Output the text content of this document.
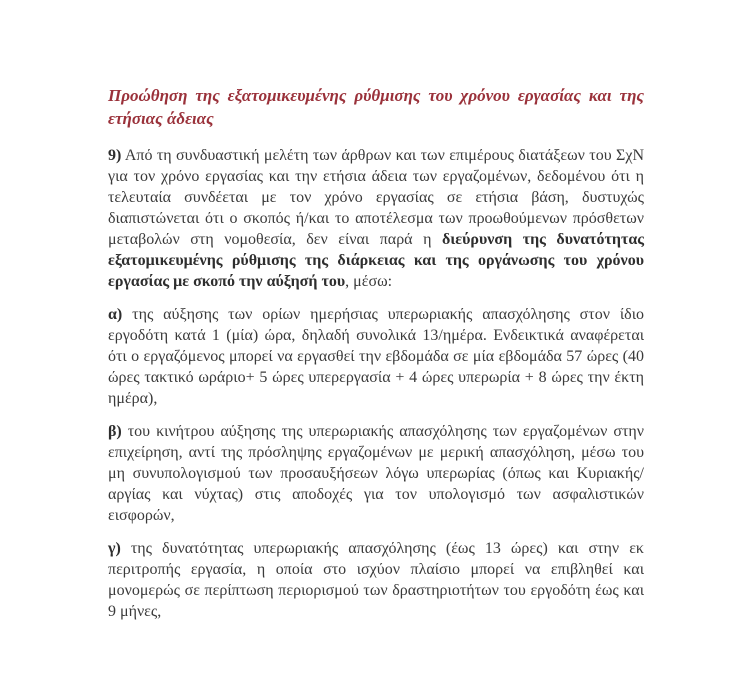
Προώθηση της εξατομικευμένης ρύθμισης του χρόνου εργασίας και της ετήσιας άδειας

9) Από τη συνδυαστική μελέτη των άρθρων και των επιμέρους διατάξεων του ΣχΝ για τον χρόνο εργασίας και την ετήσια άδεια των εργαζομένων, δεδομένου ότι η τελευταία συνδέεται με τον χρόνο εργασίας σε ετήσια βάση, δυστυχώς διαπιστώνεται ότι ο σκοπός ή/και το αποτέλεσμα των προωθούμενων πρόσθετων μεταβολών στη νομοθεσία, δεν είναι παρά η διεύρυνση της δυνατότητας εξατομικευμένης ρύθμισης της διάρκειας και της οργάνωσης του χρόνου εργασίας με σκοπό την αύξησή του, μέσω:

α) της αύξησης των ορίων ημερήσιας υπερωριακής απασχόλησης στον ίδιο εργοδότη κατά 1 (μία) ώρα, δηλαδή συνολικά 13/ημέρα. Ενδεικτικά αναφέρεται ότι ο εργαζόμενος μπορεί να εργασθεί την εβδομάδα σε μία εβδομάδα 57 ώρες (40 ώρες τακτικό ωράριο+ 5 ώρες υπερεργασία + 4 ώρες υπερωρία + 8 ώρες την έκτη ημέρα),

β) του κινήτρου αύξησης της υπερωριακής απασχόλησης των εργαζομένων στην επιχείρηση, αντί της πρόσληψης εργαζομένων με μερική απασχόληση, μέσω του μη συνυπολογισμού των προσαυξήσεων λόγω υπερωρίας (όπως και Κυριακής/αργίας και νύχτας) στις αποδοχές για τον υπολογισμό των ασφαλιστικών εισφορών,

γ) της δυνατότητας υπερωριακής απασχόλησης (έως 13 ώρες) και στην εκ περιτροπής εργασία, η οποία στο ισχύον πλαίσιο μπορεί να επιβληθεί και μονομερώς σε περίπτωση περιορισμού των δραστηριοτήτων του εργοδότη έως και 9 μήνες,
